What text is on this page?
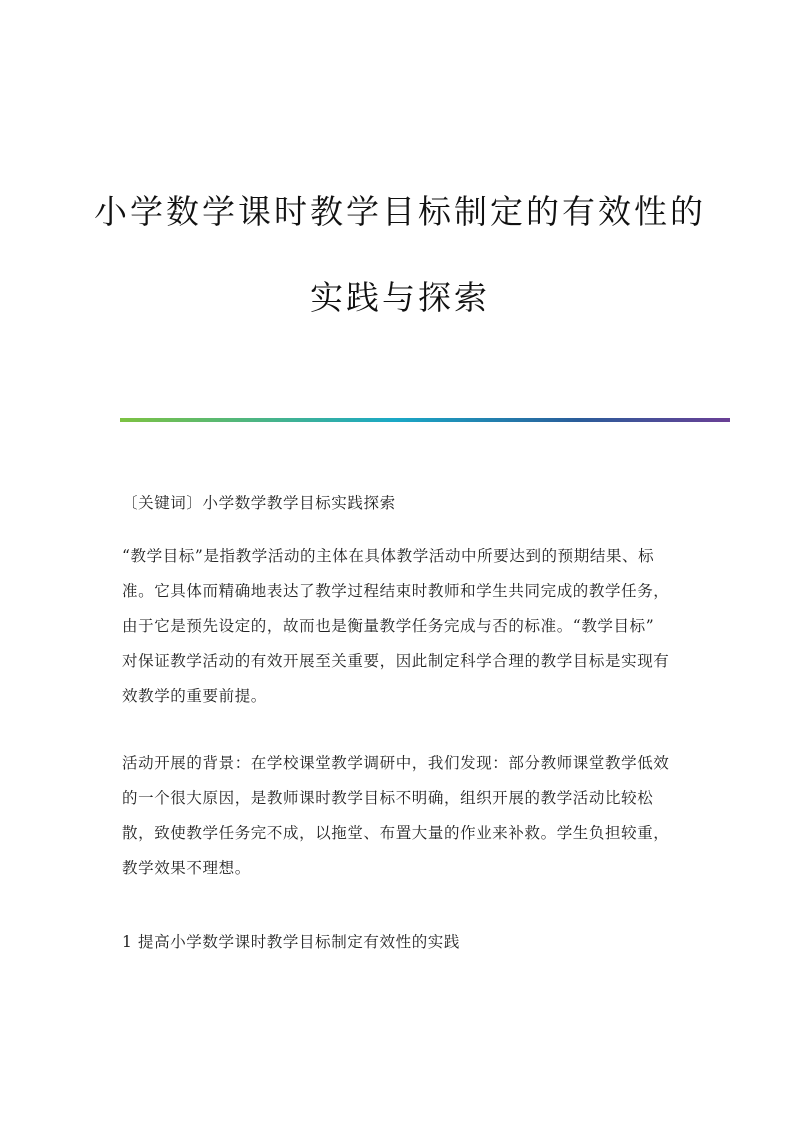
小学数学课时教学目标制定的有效性的
实践与探索

〔关键词〕小学数学教学目标实践探索

“教学目标”是指教学活动的主体在具体教学活动中所要达到的预期结果、标
准。它具体而精确地表达了教学过程结束时教师和学生共同完成的教学任务，
由于它是预先设定的，故而也是衡量教学任务完成与否的标准。“教学目标”
对保证教学活动的有效开展至关重要，因此制定科学合理的教学目标是实现有
效教学的重要前提。

活动开展的背景：在学校课堂教学调研中，我们发现：部分教师课堂教学低效
的一个很大原因，是教师课时教学目标不明确，组织开展的教学活动比较松
散，致使教学任务完不成，以拖堂、布置大量的作业来补救。学生负担较重，
教学效果不理想。

1 提高小学数学课时教学目标制定有效性的实践
